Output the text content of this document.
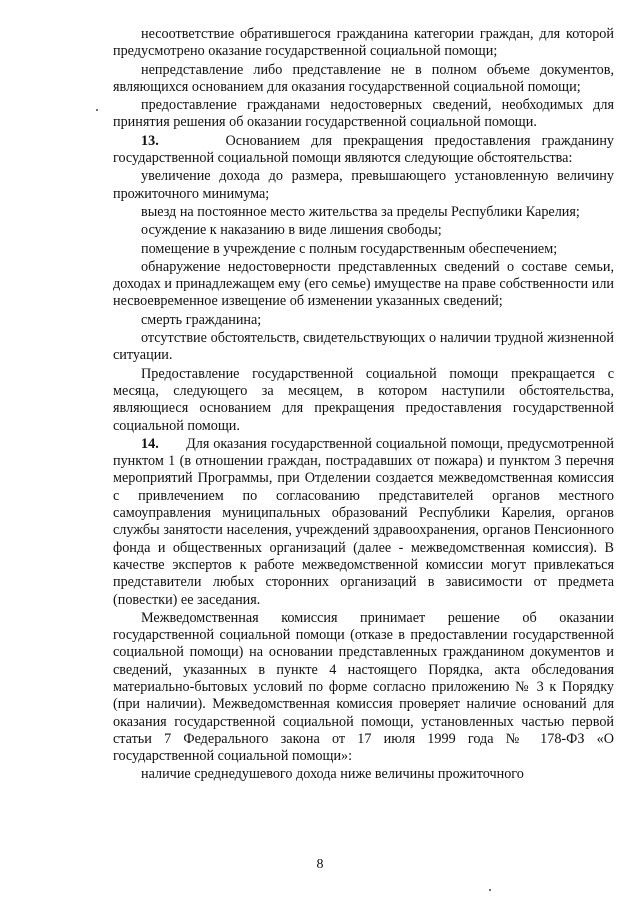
несоответствие обратившегося гражданина категории граждан, для которой предусмотрено оказание государственной социальной помощи;

непредставление либо представление не в полном объеме документов, являющихся основанием для оказания государственной социальной помощи;

предоставление гражданами недостоверных сведений, необходимых для принятия решения об оказании государственной социальной помощи.

13.	Основанием для прекращения предоставления гражданину государственной социальной помощи являются следующие обстоятельства:

увеличение дохода до размера, превышающего установленную величину прожиточного минимума;

выезд на постоянное место жительства за пределы Республики Карелия;

осуждение к наказанию в виде лишения свободы;

помещение в учреждение с полным государственным обеспечением;

обнаружение недостоверности представленных сведений о составе семьи, доходах и принадлежащем ему (его семье) имуществе на праве собственности или несвоевременное извещение об изменении указанных сведений;

смерть гражданина;

отсутствие обстоятельств, свидетельствующих о наличии трудной жизненной ситуации.

Предоставление государственной социальной помощи прекращается с месяца, следующего за месяцем, в котором наступили обстоятельства, являющиеся основанием для прекращения предоставления государственной социальной помощи.

14. Для оказания государственной социальной помощи, предусмотренной пунктом 1 (в отношении граждан, пострадавших от пожара) и пунктом 3 перечня мероприятий Программы, при Отделении создается межведомственная комиссия с привлечением по согласованию представителей органов местного самоуправления муниципальных образований Республики Карелия, органов службы занятости населения, учреждений здравоохранения, органов Пенсионного фонда и общественных организаций (далее - межведомственная комиссия). В качестве экспертов к работе межведомственной комиссии могут привлекаться представители любых сторонних организаций в зависимости от предмета (повестки) ее заседания.

Межведомственная комиссия принимает решение об оказании государственной социальной помощи (отказе в предоставлении государственной социальной помощи) на основании представленных гражданином документов и сведений, указанных в пункте 4 настоящего Порядка, акта обследования материально-бытовых условий по форме согласно приложению № 3 к Порядку (при наличии). Межведомственная комиссия проверяет наличие оснований для оказания государственной социальной помощи, установленных частью первой статьи 7 Федерального закона от 17 июля 1999 года № 178-ФЗ «О государственной социальной помощи»:

наличие среднедушевого дохода ниже величины прожиточного

8
